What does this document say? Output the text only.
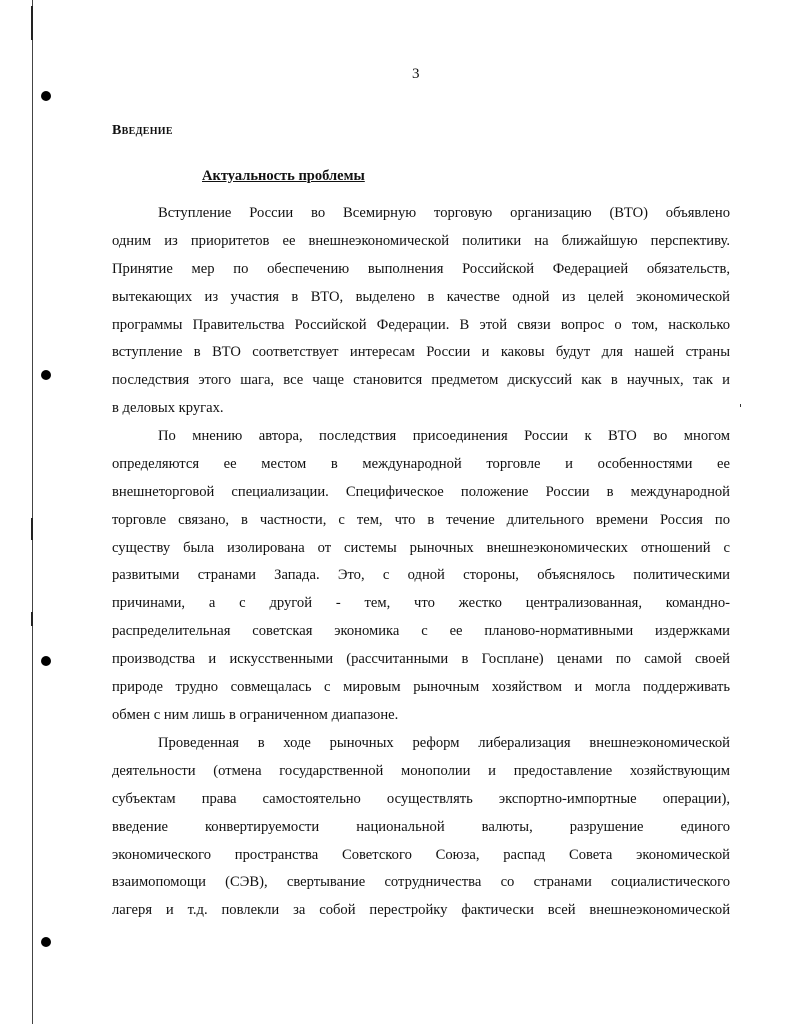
3
Введение
Актуальность проблемы
Вступление России во Всемирную торговую организацию (ВТО) объявлено
одним из приоритетов ее внешнеэкономической политики на ближайшую перспективу.
Принятие мер по обеспечению выполнения Российской Федерацией обязательств,
вытекающих из участия в ВТО, выделено в качестве одной из целей экономической
программы Правительства Российской Федерации. В этой связи вопрос о том, насколько
вступление в ВТО соответствует интересам России и каковы будут для нашей страны
последствия этого шага, все чаще становится предметом дискуссий как в научных, так и
в деловых кругах.
По мнению автора, последствия присоединения России к ВТО во многом
определяются ее местом в международной торговле и особенностями ее
внешнеторговой специализации. Специфическое положение России в международной
торговле связано, в частности, с тем, что в течение длительного времени Россия по
существу была изолирована от системы рыночных внешнеэкономических отношений с
развитыми странами Запада. Это, с одной стороны, объяснялось политическими
причинами, а с другой - тем, что жестко централизованная, командно-
распределительная советская экономика с ее планово-нормативными издержками
производства и искусственными (рассчитанными в Госплане) ценами по самой своей
природе трудно совмещалась с мировым рыночным хозяйством и могла поддерживать
обмен с ним лишь в ограниченном диапазоне.
Проведенная в ходе рыночных реформ либерализация внешнеэкономической
деятельности (отмена государственной монополии и предоставление хозяйствующим
субъектам права самостоятельно осуществлять экспортно-импортные операции),
введение конвертируемости национальной валюты, разрушение единого
экономического пространства Советского Союза, распад Совета экономической
взаимопомощи (СЭВ), свертывание сотрудничества со странами социалистического
лагеря и т.д. повлекли за собой перестройку фактически всей внешнеэкономической
